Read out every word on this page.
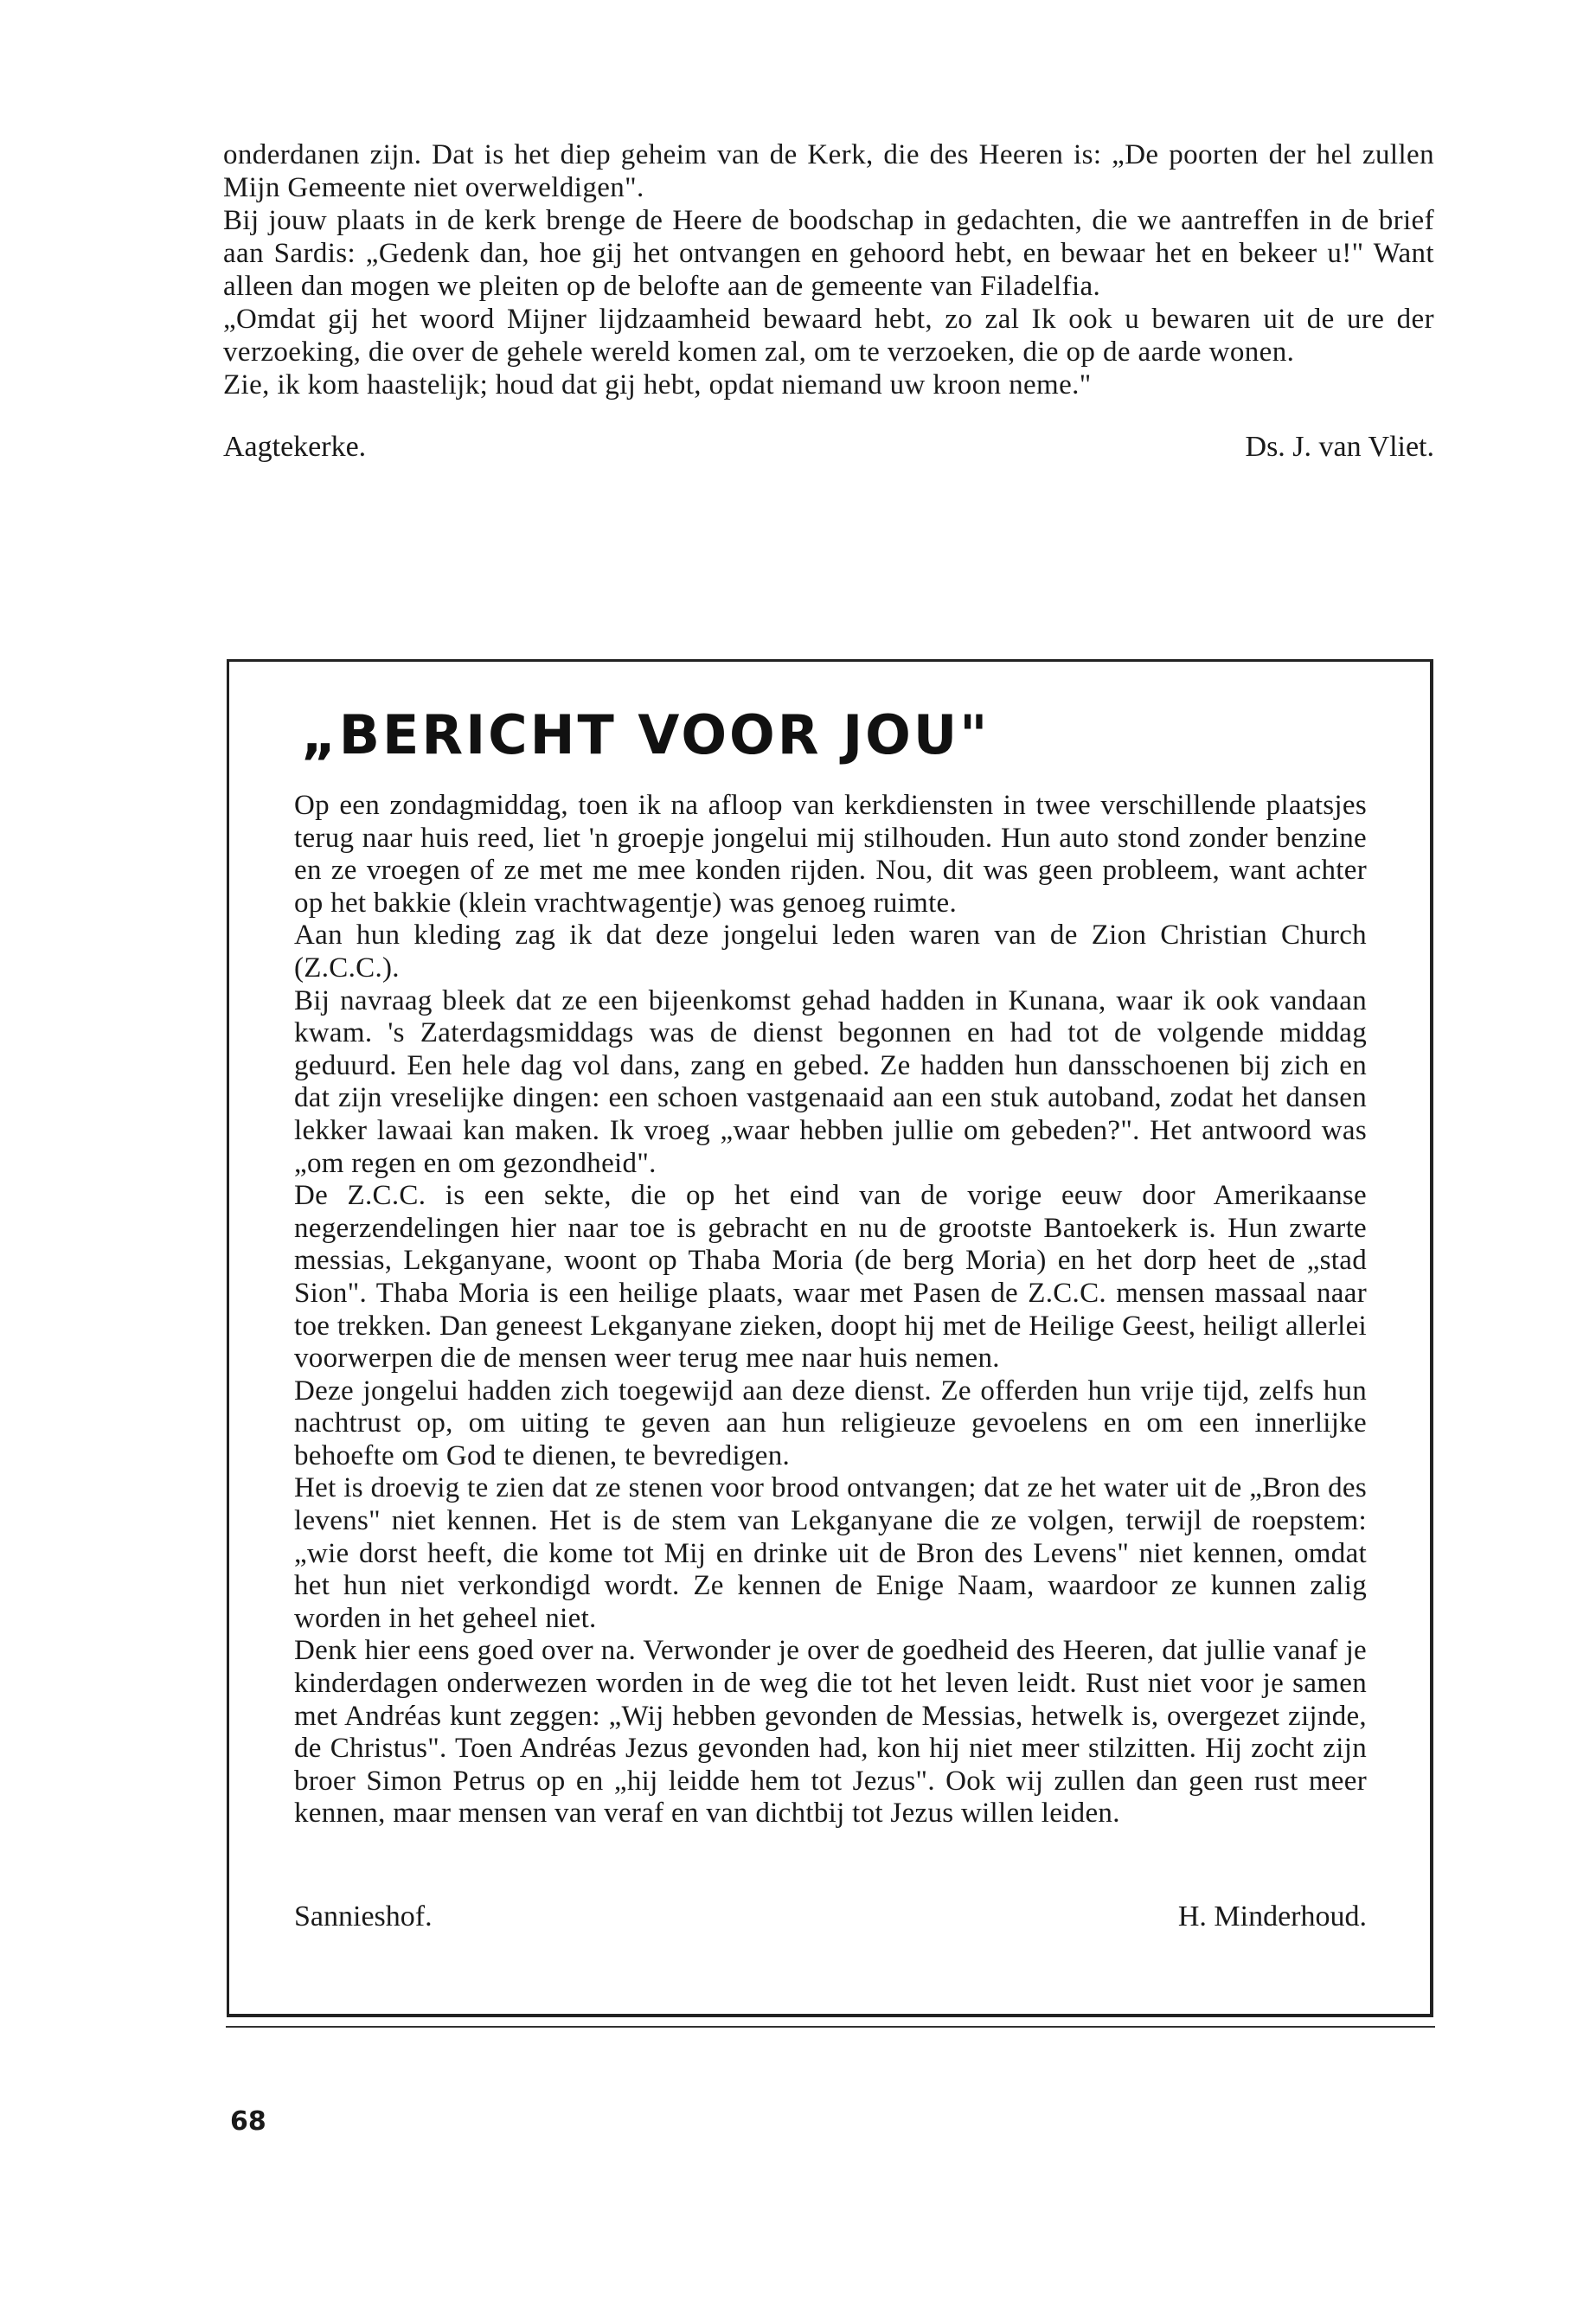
onderdanen zijn. Dat is het diep geheim van de Kerk, die des Heeren is: „De poorten der hel zullen Mijn Gemeente niet overweldigen".

Bij jouw plaats in de kerk brenge de Heere de boodschap in gedachten, die we aantreffen in de brief aan Sardis: „Gedenk dan, hoe gij het ontvangen en gehoord hebt, en bewaar het en bekeer u!" Want alleen dan mogen we pleiten op de belofte aan de gemeente van Filadelfia.

„Omdat gij het woord Mijner lijdzaamheid bewaard hebt, zo zal Ik ook u bewaren uit de ure der verzoeking, die over de gehele wereld komen zal, om te verzoeken, die op de aarde wonen.

Zie, ik kom haastelijk; houd dat gij hebt, opdat niemand uw kroon neme."

Aagtekerke.	Ds. J. van Vliet.
„BERICHT VOOR JOU"

Op een zondagmiddag, toen ik na afloop van kerkdiensten in twee verschillende plaatsjes terug naar huis reed, liet 'n groepje jongelui mij stilhouden. Hun auto stond zonder benzine en ze vroegen of ze met me mee konden rijden. Nou, dit was geen probleem, want achter op het bakkie (klein vrachtwagentje) was genoeg ruimte.

Aan hun kleding zag ik dat deze jongelui leden waren van de Zion Christian Church (Z.C.C.).

Bij navraag bleek dat ze een bijeenkomst gehad hadden in Kunana, waar ik ook vandaan kwam. 's Zaterdagsmiddags was de dienst begonnen en had tot de volgende middag geduurd. Een hele dag vol dans, zang en gebed. Ze hadden hun dansschoenen bij zich en dat zijn vreselijke dingen: een schoen vastgenaaid aan een stuk autoband, zodat het dansen lekker lawaai kan maken. Ik vroeg „waar hebben jullie om gebeden?". Het antwoord was „om regen en om gezondheid".

De Z.C.C. is een sekte, die op het eind van de vorige eeuw door Amerikaanse negerzendelingen hier naar toe is gebracht en nu de grootste Bantoekerk is. Hun zwarte messias, Lekganyane, woont op Thaba Moria (de berg Moria) en het dorp heet de „stad Sion". Thaba Moria is een heilige plaats, waar met Pasen de Z.C.C. mensen massaal naar toe trekken. Dan geneest Lekganyane zieken, doopt hij met de Heilige Geest, heiligt allerlei voorwerpen die de mensen weer terug mee naar huis nemen.

Deze jongelui hadden zich toegewijd aan deze dienst. Ze offerden hun vrije tijd, zelfs hun nachtrust op, om uiting te geven aan hun religieuze gevoelens en om een innerlijke behoefte om God te dienen, te bevredigen.

Het is droevig te zien dat ze stenen voor brood ontvangen; dat ze het water uit de „Bron des levens" niet kennen. Het is de stem van Lekganyane die ze volgen, terwijl de roepstem: „wie dorst heeft, die kome tot Mij en drinke uit de Bron des Levens" niet kennen, omdat het hun niet verkondigd wordt. Ze kennen de Enige Naam, waardoor ze kunnen zalig worden in het geheel niet.

Denk hier eens goed over na. Verwonder je over de goedheid des Heeren, dat jullie vanaf je kinderdagen onderwezen worden in de weg die tot het leven leidt. Rust niet voor je samen met Andréas kunt zeggen: „Wij hebben gevonden de Messias, hetwelk is, overgezet zijnde, de Christus". Toen Andréas Jezus gevonden had, kon hij niet meer stilzitten. Hij zocht zijn broer Simon Petrus op en „hij leidde hem tot Jezus". Ook wij zullen dan geen rust meer kennen, maar mensen van veraf en van dichtbij tot Jezus willen leiden.

Sannieshof.	H. Minderhoud.
68
